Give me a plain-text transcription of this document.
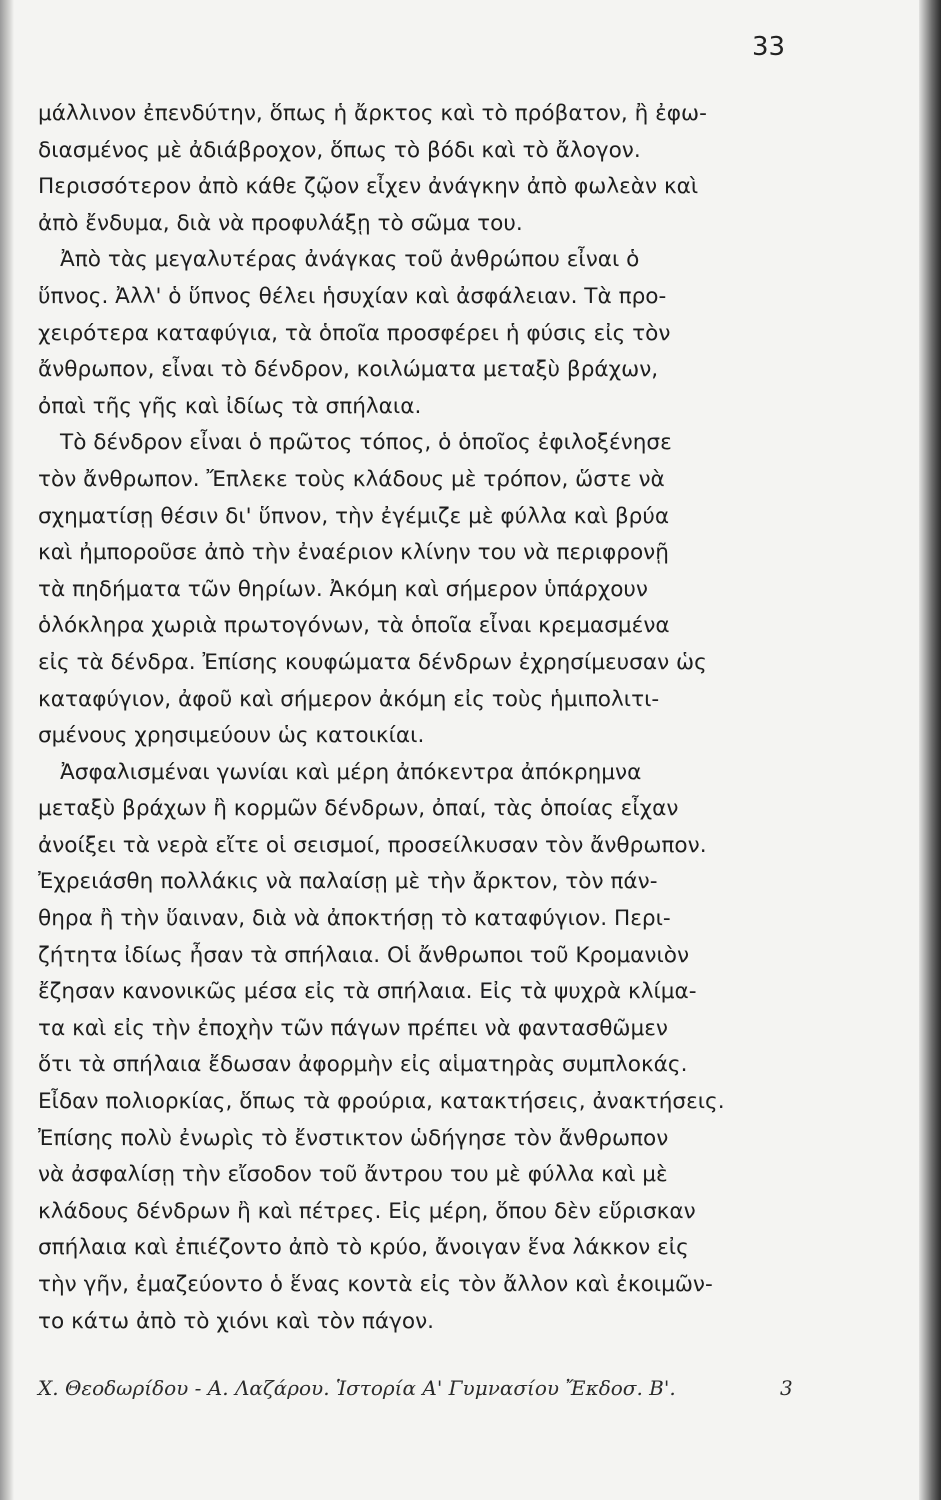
33
μάλλινον ἐπενδύτην, ὅπως ἡ ἄρκτος καὶ τὸ πρόβατον, ἢ ἐφω-
διασμένος μὲ ἀδιάβροχον, ὅπως τὸ βόδι καὶ τὸ ἄλογον.
Περισσότερον ἀπὸ κάθε ζῷον εἶχεν ἀνάγκην ἀπὸ φωλεὰν καὶ
ἀπὸ ἔνδυμα, διὰ νὰ προφυλάξῃ τὸ σῶμα του.
Ἀπὸ τὰς μεγαλυτέρας ἀνάγκας τοῦ ἀνθρώπου εἶναι ὁ
ὕπνος. Ἀλλ' ὁ ὕπνος θέλει ἡσυχίαν καὶ ἀσφάλειαν. Τὰ προ-
χειρότερα καταφύγια, τὰ ὁποῖα προσφέρει ἡ φύσις εἰς τὸν
ἄνθρωπον, εἶναι τὸ δένδρον, κοιλώματα μεταξὺ βράχων,
ὀπαὶ τῆς γῆς καὶ ἰδίως τὰ σπήλαια.
Τὸ δένδρον εἶναι ὁ πρῶτος τόπος, ὁ ὁποῖος ἐφιλοξένησε
τὸν ἄνθρωπον. Ἔπλεκε τοὺς κλάδους μὲ τρόπον, ὥστε νὰ
σχηματίσῃ θέσιν δι' ὕπνον, τὴν ἐγέμιζε μὲ φύλλα καὶ βρύα
καὶ ἠμποροῦσε ἀπὸ τὴν ἐναέριον κλίνην του νὰ περιφρονῇ
τὰ πηδήματα τῶν θηρίων. Ἀκόμη καὶ σήμερον ὑπάρχουν
ὁλόκληρα χωριὰ πρωτογόνων, τὰ ὁποῖα εἶναι κρεμασμένα
εἰς τὰ δένδρα. Ἐπίσης κουφώματα δένδρων ἐχρησίμευσαν ὡς
καταφύγιον, ἀφοῦ καὶ σήμερον ἀκόμη εἰς τοὺς ἡμιπολιτι-
σμένους χρησιμεύουν ὡς κατοικίαι.
Ἀσφαλισμέναι γωνίαι καὶ μέρη ἀπόκεντρα ἀπόκρημνα
μεταξὺ βράχων ἢ κορμῶν δένδρων, ὀπαί, τὰς ὁποίας εἶχαν
ἀνοίξει τὰ νερὰ εἴτε οἱ σεισμοί, προσείλκυσαν τὸν ἄνθρωπον.
Ἐχρειάσθη πολλάκις νὰ παλαίσῃ μὲ τὴν ἄρκτον, τὸν πάν-
θηρα ἢ τὴν ὕαιναν, διὰ νὰ ἀποκτήσῃ τὸ καταφύγιον. Περι-
ζήτητα ἰδίως ἦσαν τὰ σπήλαια. Οἱ ἄνθρωποι τοῦ Κρομανιὸν
ἔζησαν κανονικῶς μέσα εἰς τὰ σπήλαια. Εἰς τὰ ψυχρὰ κλίμα-
τα καὶ εἰς τὴν ἐποχὴν τῶν πάγων πρέπει νὰ φαντασθῶμεν
ὅτι τὰ σπήλαια ἔδωσαν ἀφορμὴν εἰς αἱματηρὰς συμπλοκάς.
Εἶδαν πολιορκίας, ὅπως τὰ φρούρια, κατακτήσεις, ἀνακτήσεις.
Ἐπίσης πολὺ ἐνωρὶς τὸ ἔνστικτον ὡδήγησε τὸν ἄνθρωπον
νὰ ἀσφαλίσῃ τὴν εἴσοδον τοῦ ἄντρου του μὲ φύλλα καὶ μὲ
κλάδους δένδρων ἢ καὶ πέτρες. Εἰς μέρη, ὅπου δὲν εὕρισκαν
σπήλαια καὶ ἐπιέζοντο ἀπὸ τὸ κρύο, ἄνοιγαν ἕνα λάκκον εἰς
τὴν γῆν, ἐμαζεύοντο ὁ ἕνας κοντὰ εἰς τὸν ἄλλον καὶ ἐκοιμῶν-
το κάτω ἀπὸ τὸ χιόνι καὶ τὸν πάγον.
Χ. Θεοδωρίδου - Α. Λαζάρου. Ἱστορία Α' Γυμνασίου Ἔκδοσ. Β'.	3
